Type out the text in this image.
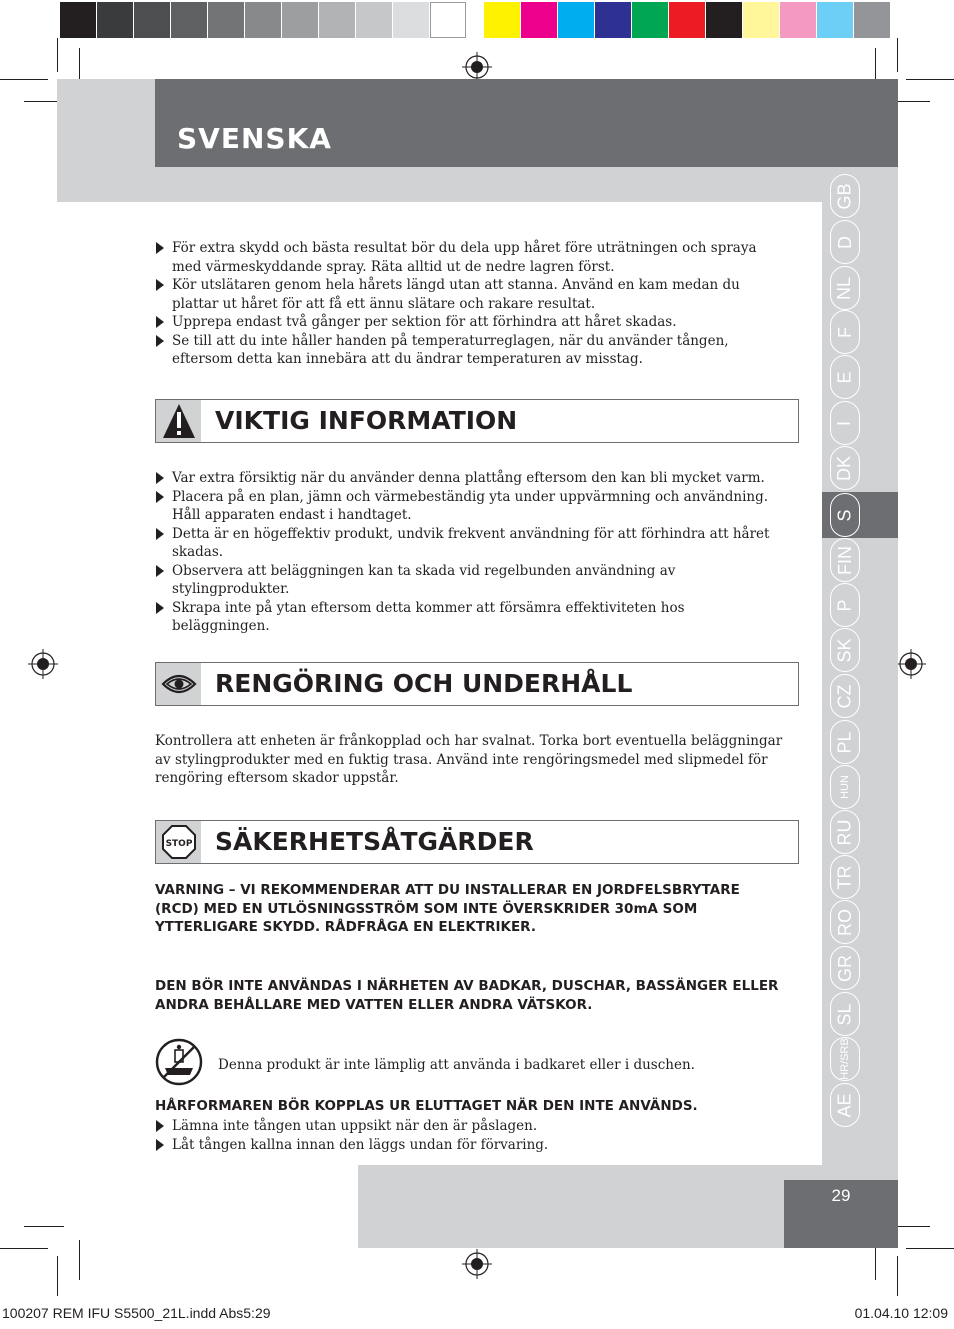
SVENSKA
29
GB
D
NL
F
E
I
DK
S
FIN
P
SK
CZ
PL
HUN
RU
TR
RO
GR
SL
HR/SRB
AE
För extra skydd och bästa resultat bör du dela upp håret före uträtningen och spraya med värmeskyddande spray. Räta alltid ut de nedre lagren först.
Kör utslätaren genom hela hårets längd utan att stanna. Använd en kam medan du plattar ut håret för att få ett ännu slätare och rakare resultat.
Upprepa endast två gånger per sektion för att förhindra att håret skadas.
Se till att du inte håller handen på temperaturreglagen, när du använder tången, eftersom detta kan innebära att du ändrar temperaturen av misstag.
VIKTIG INFORMATION
Var extra försiktig när du använder denna plattång eftersom den kan bli mycket varm.
Placera på en plan, jämn och värmebeständig yta under uppvärmning och användning. Håll apparaten endast i handtaget.
Detta är en högeffektiv produkt, undvik frekvent användning för att förhindra att håret skadas.
Observera att beläggningen kan ta skada vid regelbunden användning av stylingprodukter.
Skrapa inte på ytan eftersom detta kommer att försämra effektiviteten hos beläggningen.
RENGÖRING OCH UNDERHÅLL
Kontrollera att enheten är frånkopplad och har svalnat. Torka bort eventuella beläggningar av stylingprodukter med en fuktig trasa. Använd inte rengöringsmedel med slipmedel för rengöring eftersom skador uppstår.
STOP SÄKERHETSÅTGÄRDER
VARNING – VI REKOMMENDERAR ATT DU INSTALLERAR EN JORDFELSBRYTARE (RCD) MED EN UTLÖSNINGSSTRÖM SOM INTE ÖVERSKRIDER 30mA SOM YTTERLIGARE SKYDD. RÅDFRÅGA EN ELEKTRIKER.
DEN BÖR INTE ANVÄNDAS I NÄRHETEN AV BADKAR, DUSCHAR, BASSÄNGER ELLER ANDRA BEHÅLLARE MED VATTEN ELLER ANDRA VÄTSKOR.
Denna produkt är inte lämplig att använda i badkaret eller i duschen.
HÅRFORMAREN BÖR KOPPLAS UR ELUTTAGET NÄR DEN INTE ANVÄNDS.
Lämna inte tången utan uppsikt när den är påslagen.
Låt tången kallna innan den läggs undan för förvaring.
100207 REM IFU S5500_21L.indd Abs5:29	01.04.10 12:09
